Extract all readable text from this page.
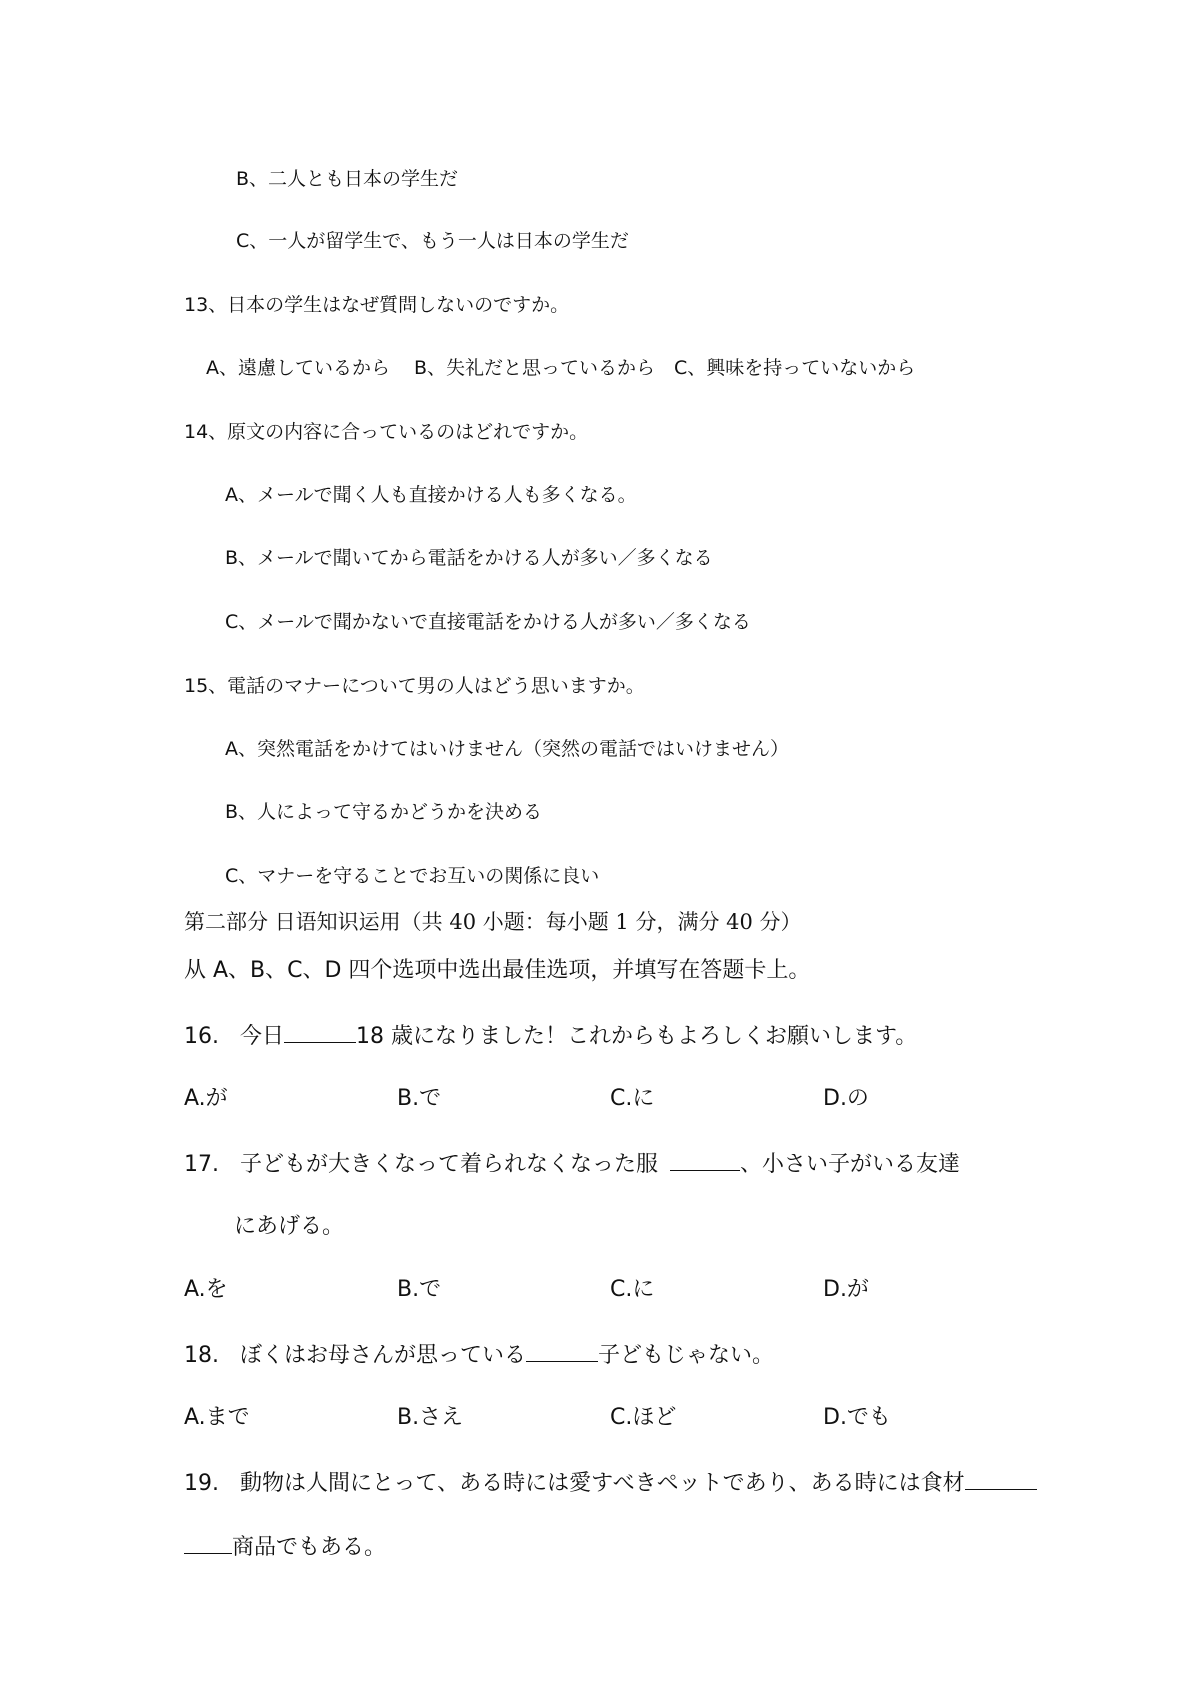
B、二人とも日本の学生だ
C、一人が留学生で、もう一人は日本の学生だ
13、日本の学生はなぜ質問しないのですか。
A、遠慮しているから B、失礼だと思っているから C、興味を持っていないから
14、原文の内容に合っているのはどれですか。
A、メールで聞く人も直接かける人も多くなる。
B、メールで聞いてから電話をかける人が多い／多くなる
C、メールで聞かないで直接電話をかける人が多い／多くなる
15、電話のマナーについて男の人はどう思いますか。
A、突然電話をかけてはいけません（突然の電話ではいけません）
B、人によって守るかどうかを決める
C、マナーを守ることでお互いの関係に良い
第二部分 日语知识运用（共 40 小题：每小题 1 分，满分 40 分）
从 A、B、C、D 四个选项中选出最佳选项，并填写在答题卡上。
16. 今日	18 歳になりました！これからもよろしくお願いします。
A.が	B.で	C.に	D.の
17. 子どもが大きくなって着られなくなった服	、小さい子がいる友達
にあげる。
A.を	B.で	C.に	D.が
18. ぼくはお母さんが思っている	子どもじゃない。
A.まで	B.さえ	C.ほど	D.でも
19. 動物は人間にとって、ある時には愛すべきペットであり、ある時には食材
商品でもある。
